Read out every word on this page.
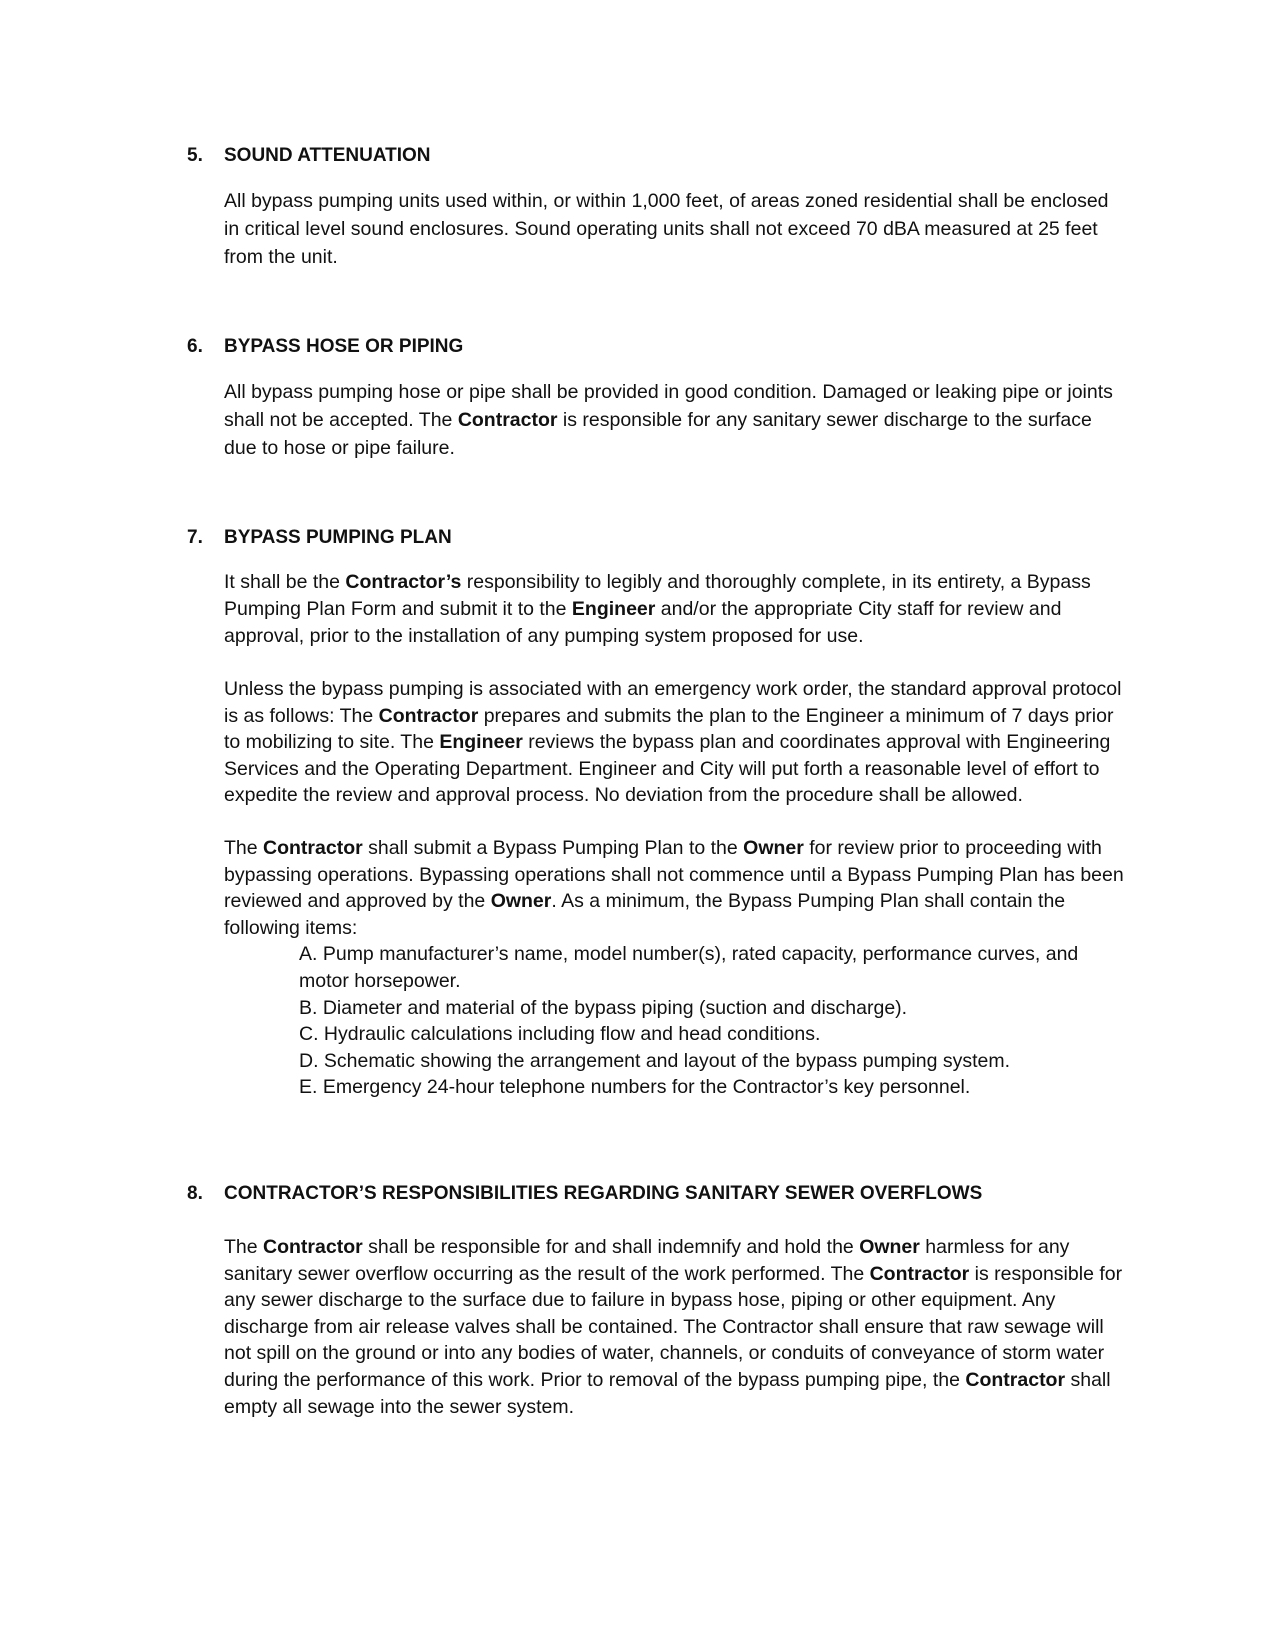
5.	SOUND ATTENUATION

All bypass pumping units used within, or within 1,000 feet, of areas zoned residential shall be enclosed in critical level sound enclosures. Sound operating units shall not exceed 70 dBA measured at 25 feet from the unit.

6.	BYPASS HOSE OR PIPING

All bypass pumping hose or pipe shall be provided in good condition. Damaged or leaking pipe or joints shall not be accepted. The Contractor is responsible for any sanitary sewer discharge to the surface due to hose or pipe failure.

7.	BYPASS PUMPING PLAN

It shall be the Contractor’s responsibility to legibly and thoroughly complete, in its entirety, a Bypass Pumping Plan Form and submit it to the Engineer and/or the appropriate City staff for review and approval, prior to the installation of any pumping system proposed for use.

Unless the bypass pumping is associated with an emergency work order, the standard approval protocol is as follows: The Contractor prepares and submits the plan to the Engineer a minimum of 7 days prior to mobilizing to site. The Engineer reviews the bypass plan and coordinates approval with Engineering Services and the Operating Department. Engineer and City will put forth a reasonable level of effort to expedite the review and approval process. No deviation from the procedure shall be allowed.

The Contractor shall submit a Bypass Pumping Plan to the Owner for review prior to proceeding with bypassing operations. Bypassing operations shall not commence until a Bypass Pumping Plan has been reviewed and approved by the Owner. As a minimum, the Bypass Pumping Plan shall contain the following items:

A. Pump manufacturer’s name, model number(s), rated capacity, performance curves, and motor horsepower.
B. Diameter and material of the bypass piping (suction and discharge).
C. Hydraulic calculations including flow and head conditions.
D. Schematic showing the arrangement and layout of the bypass pumping system.
E. Emergency 24-hour telephone numbers for the Contractor’s key personnel.
8.	CONTRACTOR’S RESPONSIBILITIES REGARDING SANITARY SEWER OVERFLOWS

The Contractor shall be responsible for and shall indemnify and hold the Owner harmless for any sanitary sewer overflow occurring as the result of the work performed. The Contractor is responsible for any sewer discharge to the surface due to failure in bypass hose, piping or other equipment. Any discharge from air release valves shall be contained. The Contractor shall ensure that raw sewage will not spill on the ground or into any bodies of water, channels, or conduits of conveyance of storm water during the performance of this work. Prior to removal of the bypass pumping pipe, the Contractor shall empty all sewage into the sewer system.
